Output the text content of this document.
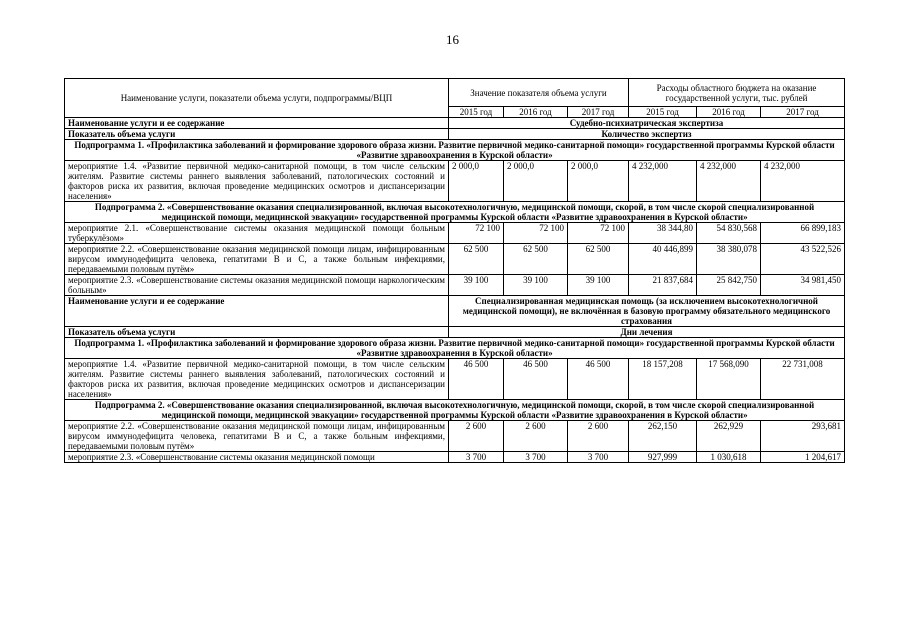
16
Наименование услуги, показатели объема услуги, подпрограммы/ВЦП	Значение показателя объема услуги			Расходы областного бюджета на оказание государственной услуги, тыс. рублей		
	2015 год	2016 год	2017 год	2015 год	2016 год	2017 год
Наименование услуги и ее содержание	Судебно-психиатрическая экспертиза					
Показатель объема услуги	Количество экспертиз					
Подпрограмма 1. «Профилактика заболеваний и формирование здорового образа жизни. Развитие первичной медико-санитарной помощи» государственной программы Курской области «Развитие здравоохранения в Курской области»						
мероприятие 1.4. «Развитие первичной медико-санитарной помощи, в том числе сельским жителям. Развитие системы раннего выявления заболеваний, патологических состояний и факторов риска их развития, включая проведение медицинских осмотров и диспансеризации населения»	2 000,0	2 000,0	2 000,0	4 232,000	4 232,000	4 232,000
Подпрограмма 2. «Совершенствование оказания специализированной, включая высокотехнологичную, медицинской помощи, скорой, в том числе скорой специализированной медицинской помощи, медицинской эвакуации» государственной программы Курской области «Развитие здравоохранения в Курской области»						
мероприятие 2.1. «Совершенствование системы оказания медицинской помощи больным туберкулёзом»	72 100	72 100	72 100	38 344,80	54 830,568	66 899,183
мероприятие 2.2. «Совершенствование оказания медицинской помощи лицам, инфицированным вирусом иммунодефицита человека, гепатитами В и С, а также больным инфекциями, передаваемыми половым путём»	62 500	62 500	62 500	40 446,899	38 380,078	43 522,526
мероприятие 2.3. «Совершенствование системы оказания медицинской помощи наркологическим больным»	39 100	39 100	39 100	21 837,684	25 842,750	34 981,450
Наименование услуги и ее содержание	Специализированная медицинская помощь (за исключением высокотехнологичной медицинской помощи), не включённая в базовую программу обязательного медицинского страхования					
Показатель объема услуги	Дни лечения					
Подпрограмма 1. «Профилактика заболеваний и формирование здорового образа жизни. Развитие первичной медико-санитарной помощи» государственной программы Курской области «Развитие здравоохранения в Курской области»						
мероприятие 1.4. «Развитие первичной медико-санитарной помощи, в том числе сельским жителям. Развитие системы раннего выявления заболеваний, патологических состояний и факторов риска их развития, включая проведение медицинских осмотров и диспансеризации населения»	46 500	46 500	46 500	18 157,208	17 568,090	22 731,008
Подпрограмма 2. «Совершенствование оказания специализированной, включая высокотехнологичную, медицинской помощи, скорой, в том числе скорой специализированной медицинской помощи, медицинской эвакуации» государственной программы Курской области «Развитие здравоохранения в Курской области»						
мероприятие 2.2. «Совершенствование оказания медицинской помощи лицам, инфицированным вирусом иммунодефицита человека, гепатитами В и С, а также больным инфекциями, передаваемыми половым путём»	2 600	2 600	2 600	262,150	262,929	293,681
мероприятие 2.3. «Совершенствование системы оказания медицинской помощи	3 700	3 700	3 700	927,999	1 030,618	1 204,617
